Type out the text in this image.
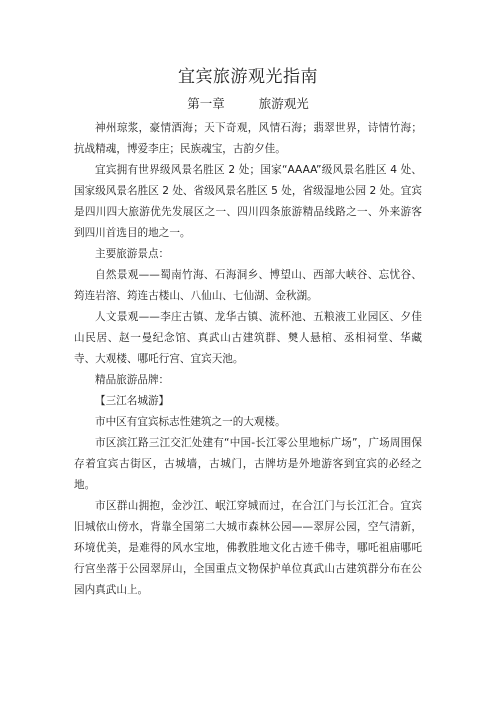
宜宾旅游观光指南
第一章	旅游观光

神州琼浆，豪情酒海；天下奇观，风情石海；翡翠世界，诗情竹海；抗战精魂，博爱李庄；民族魂宝，古韵夕佳。

宜宾拥有世界级风景名胜区 2 处；国家“AAAA”级风景名胜区 4 处、国家级风景名胜区 2 处、省级风景名胜区 5 处，省级湿地公园 2 处。宜宾是四川四大旅游优先发展区之一、四川四条旅游精品线路之一、外来游客到四川首选目的地之一。

主要旅游景点：

自然景观——蜀南竹海、石海洞乡、博望山、西部大峡谷、忘忧谷、筠连岩溶、筠连古楼山、八仙山、七仙湖、金秋湖。

人文景观——李庄古镇、龙华古镇、流杯池、五粮液工业园区、夕佳山民居、赵一曼纪念馆、真武山古建筑群、僰人悬棺、丞相祠堂、华藏寺、大观楼、哪吒行宫、宜宾天池。

精品旅游品牌：

【三江名城游】

市中区有宜宾标志性建筑之一的大观楼。

市区滨江路三江交汇处建有“中国-长江零公里地标广场”，广场周围保存着宜宾古街区，古城墙，古城门，古牌坊是外地游客到宜宾的必经之地。

市区群山拥抱，金沙江、岷江穿城而过，在合江门与长江汇合。宜宾旧城依山傍水，背靠全国第二大城市森林公园——翠屏公园，空气清新，环境优美，是难得的风水宝地，佛教胜地文化古迹千佛寺，哪吒祖庙哪吒行宫坐落于公园翠屏山，全国重点文物保护单位真武山古建筑群分布在公园内真武山上。
